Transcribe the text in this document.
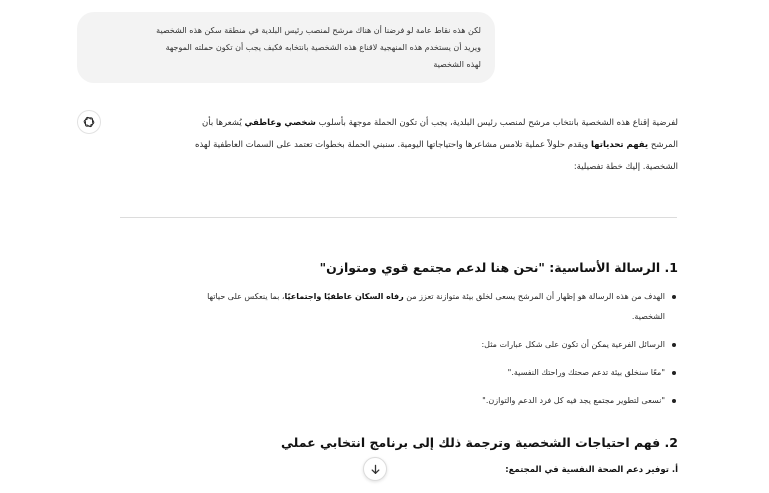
لكن هذه نقاط عامة لو فرضنا أن هناك مرشح لمنصب رئيس البلدية في منطقة سكن هذه الشخصية

ويريد أن يستخدم هذه المنهجية لاقناع هذه الشخصية بانتخابه فكيف يجب أن تكون حملته الموجهة

لهذه الشخصية

لفرضية إقناع هذه الشخصية بانتخاب مرشح لمنصب رئيس البلدية، يجب أن تكون الحملة موجهة بأسلوب شخصي وعاطفي يُشعرها بأن
المرشح يفهم تحدياتها ويقدم حلولاً عملية تلامس مشاعرها واحتياجاتها اليومية. سنبني الحملة بخطوات تعتمد على السمات العاطفية لهذه
الشخصية. إليك خطة تفصيلية:

1. الرسالة الأساسية: "نحن هنا لدعم مجتمع قوي ومتوازن"
الهدف من هذه الرسالة هو إظهار أن المرشح يسعى لخلق بيئة متوازنة تعزز من رفاه السكان عاطفيًا واجتماعيًا، بما ينعكس على حياتها
الشخصية.
الرسائل الفرعية يمكن أن تكون على شكل عبارات مثل:
"معًا سنخلق بيئة تدعم صحتك وراحتك النفسية."
"نسعى لتطوير مجتمع يجد فيه كل فرد الدعم والتوازن."
2. فهم احتياجات الشخصية وترجمة ذلك إلى برنامج انتخابي عملي

أ. توفير دعم الصحة النفسية في المجتمع:
